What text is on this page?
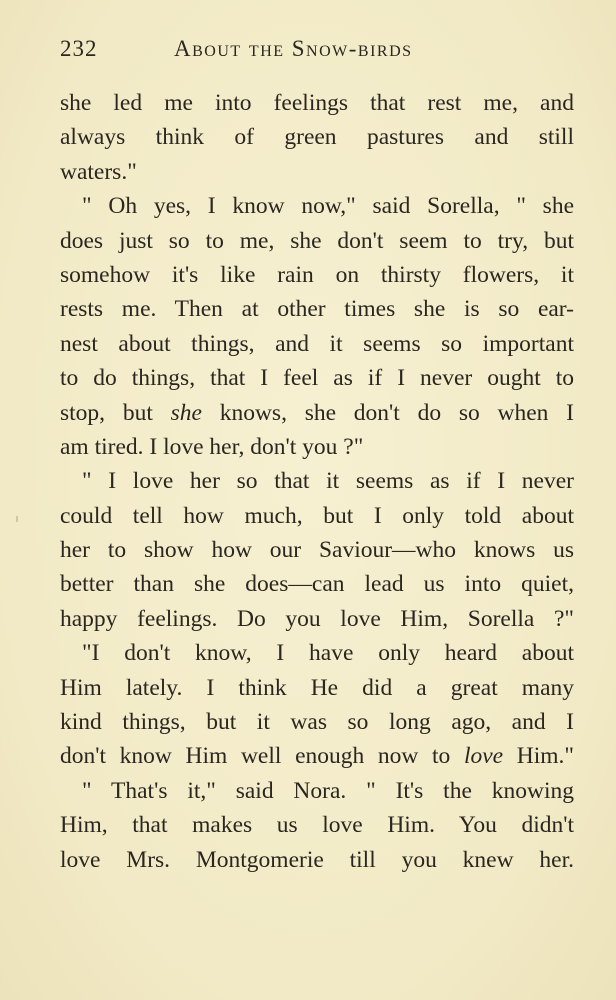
232	About the Snow-birds
she led me into feelings that rest me, and
always think of green pastures and still
waters."
" Oh yes, I know now," said Sorella, " she
does just so to me, she don't seem to try, but
somehow it's like rain on thirsty flowers, it
rests me. Then at other times she is so ear-
nest about things, and it seems so important
to do things, that I feel as if I never ought to
stop, but she knows, she don't do so when I
am tired. I love her, don't you ?"
" I love her so that it seems as if I never
could tell how much, but I only told about
her to show how our Saviour—who knows us
better than she does—can lead us into quiet,
happy feelings. Do you love Him, Sorella ?"
"I don't know, I have only heard about
Him lately. I think He did a great many
kind things, but it was so long ago, and I
don't know Him well enough now to love Him."
" That's it," said Nora. " It's the knowing
Him, that makes us love Him. You didn't
love Mrs. Montgomerie till you knew her.
